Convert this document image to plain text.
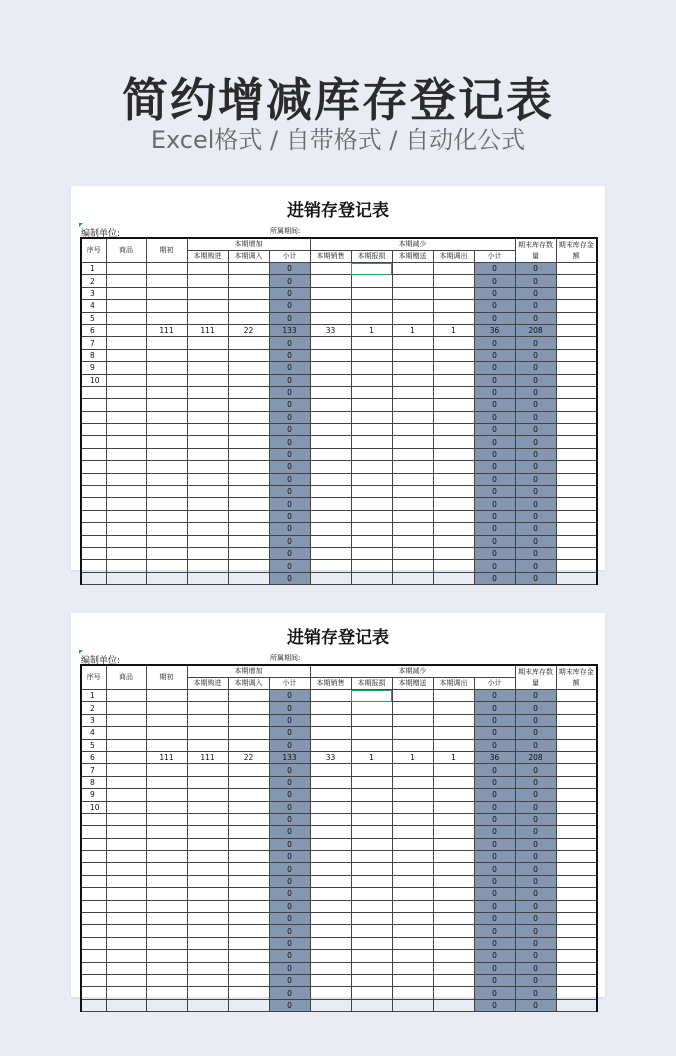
简约增减库存登记表
Excel格式 / 自带格式 / 自动化公式
进销存登记表
编制单位:	所属期间:
序号	商品	期初	本期增加			本期减少					期末库存数量	期末库存金额
			本期购进	本期调入	小计	本期销售	本期报损	本期赠送	本期调出	小计		
1					0					0	0	
2					0					0	0	
3					0					0	0	
4					0					0	0	
5					0					0	0	
6		111	111	22	133	33	1	1	1	36	208	
7					0					0	0	
8					0					0	0	
9					0					0	0	
10					0					0	0	
					0					0	0	
					0					0	0	
					0					0	0	
					0					0	0	
					0					0	0	
					0					0	0	
					0					0	0	
					0					0	0	
					0					0	0	
					0					0	0	
					0					0	0	
					0					0	0	
					0					0	0	
					0					0	0	
					0					0	0	
					0					0	0	
进销存登记表
编制单位:	所属期间:
序号	商品	期初	本期增加			本期减少					期末库存数量	期末库存金额
			本期购进	本期调入	小计	本期销售	本期报损	本期赠送	本期调出	小计		
1					0					0	0	
2					0					0	0	
3					0					0	0	
4					0					0	0	
5					0					0	0	
6		111	111	22	133	33	1	1	1	36	208	
7					0					0	0	
8					0					0	0	
9					0					0	0	
10					0					0	0	
					0					0	0	
					0					0	0	
					0					0	0	
					0					0	0	
					0					0	0	
					0					0	0	
					0					0	0	
					0					0	0	
					0					0	0	
					0					0	0	
					0					0	0	
					0					0	0	
					0					0	0	
					0					0	0	
					0					0	0	
					0					0	0	
